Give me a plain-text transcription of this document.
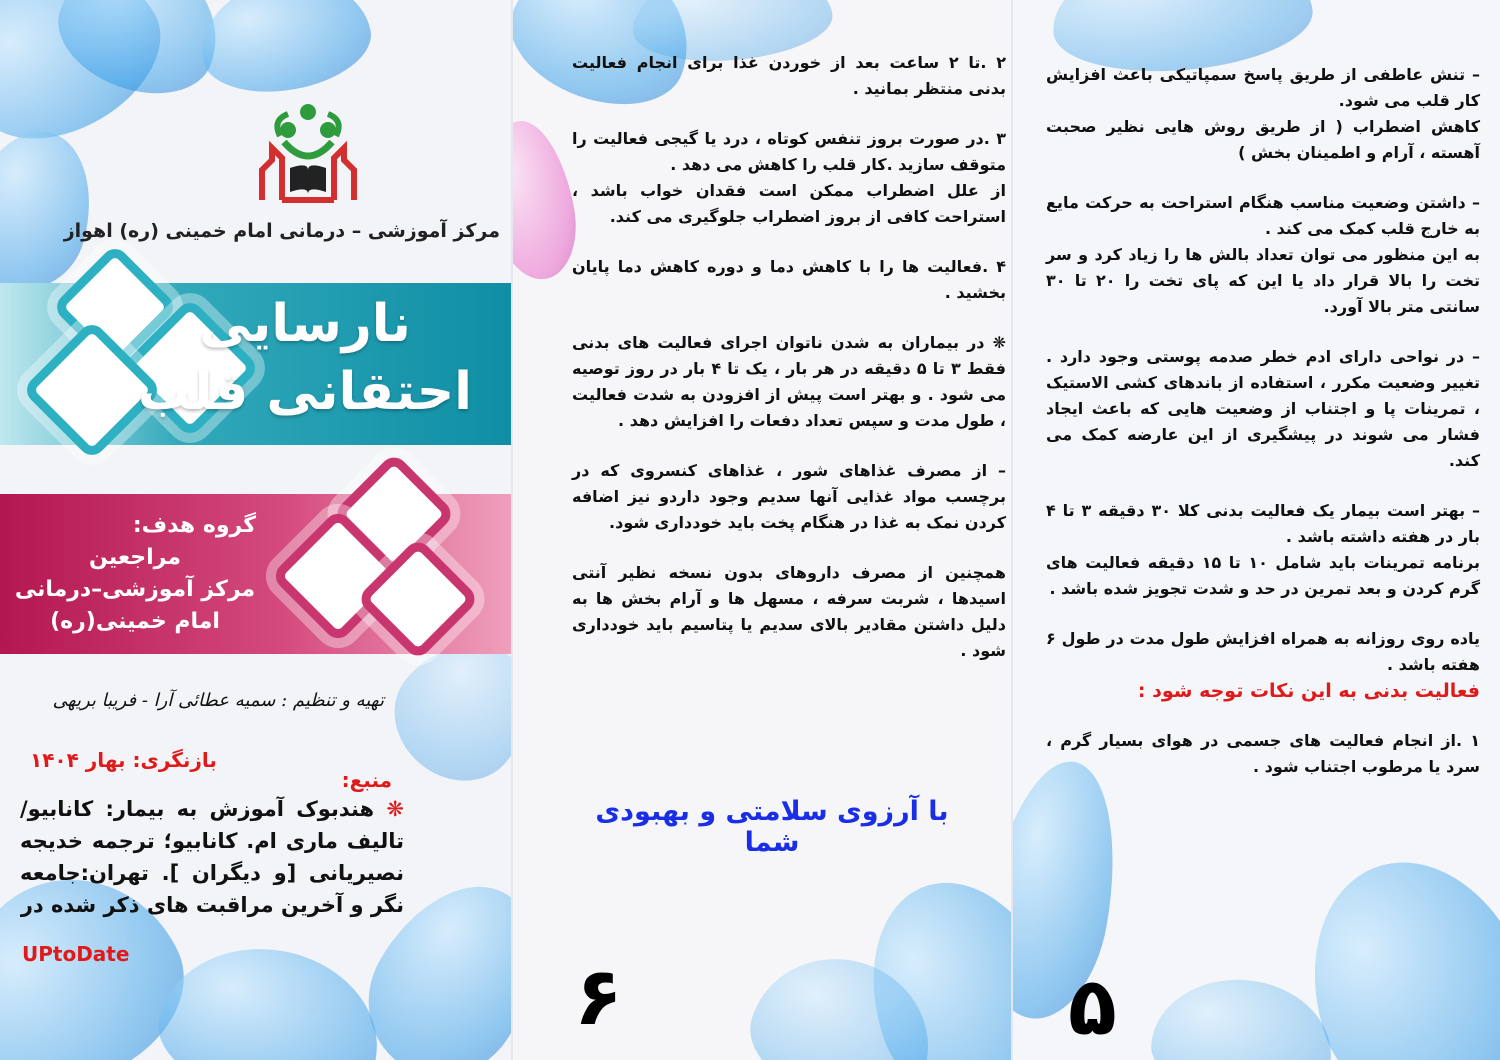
مرکز آموزشی – درمانی امام خمینی (ره) اهواز
نارسایی
احتقانی قلب
گروه هدف:
مراجعین
مرکز آموزشی–درمانی
امام خمینی(ره)
تهیه و تنظیم : سمیه عطائی آرا - فریبا بریهی
بازنگری: بهار ۱۴۰۴
منبع:
❋ هندبوک آموزش به بیمار: کانابیو/ تالیف ماری ام. کانابیو؛ ترجمه خدیجه نصیریانی [و دیگران ]. تهران:جامعه نگر و آخرین مراقبت های ذکر شده در
UPtoDate

۲ .تا ۲ ساعت بعد از خوردن غذا برای انجام فعالیت بدنی منتظر بمانید .

۳ .در صورت بروز تنفس کوتاه ، درد یا گیجی فعالیت را متوقف سازید .کار قلب را کاهش می دهد .
از علل اضطراب ممکن است فقدان خواب باشد ، استراحت کافی از بروز اضطراب جلوگیری می کند.

۴ .فعالیت ها را با کاهش دما و دوره کاهش دما پایان بخشید .

❋ در بیماران به شدن ناتوان اجرای فعالیت های بدنی فقط ۳ تا ۵ دقیقه در هر بار ، یک تا ۴ بار در روز توصیه می شود . و بهتر است پیش از افزودن به شدت فعالیت ، طول مدت و سپس تعداد دفعات را افزایش دهد .

– از مصرف غذاهای شور ، غذاهای کنسروی که در برچسب مواد غذایی آنها سدیم وجود داردو نیز اضافه کردن نمک به غذا در هنگام پخت باید خودداری شود.

همچنین از مصرف داروهای بدون نسخه نظیر آنتی اسیدها ، شربت سرفه ، مسهل ها و آرام بخش ها به دلیل داشتن مقادیر بالای سدیم یا پتاسیم باید خودداری شود .

با آرزوی سلامتی و بهبودی شما
۶

– تنش عاطفی از طریق پاسخ سمپاتیکی باعث افزایش کار قلب می شود.
کاهش اضطراب ( از طریق روش هایی نظیر صحبت آهسته ، آرام و اطمینان بخش )

– داشتن وضعیت مناسب هنگام استراحت به حرکت مایع به خارج قلب کمک می کند .
به این منظور می توان تعداد بالش ها را زیاد کرد و سر تخت را بالا قرار داد یا این که پای تخت را ۲۰ تا ۳۰ سانتی متر بالا آورد.

– در نواحی دارای ادم خطر صدمه پوستی وجود دارد . تغییر وضعیت مکرر ، استفاده از باندهای کشی الاستیک ، تمرینات پا و اجتناب از وضعیت هایی که باعث ایجاد فشار می شوند در پیشگیری از این عارضه کمک می کند.

– بهتر است بیمار یک فعالیت بدنی کلا ۳۰ دقیقه ۳ تا ۴ بار در هفته داشته باشد .
برنامه تمرینات باید شامل ۱۰ تا ۱۵ دقیقه فعالیت های گرم کردن و بعد تمرین در حد و شدت تجویز شده باشد .

یاده روی روزانه به همراه افزایش طول مدت در طول ۶ هفته باشد .

فعالیت بدنی به این نکات توجه شود :

۱ .از انجام فعالیت های جسمی در هوای بسیار گرم ، سرد یا مرطوب اجتناب شود .

۵
